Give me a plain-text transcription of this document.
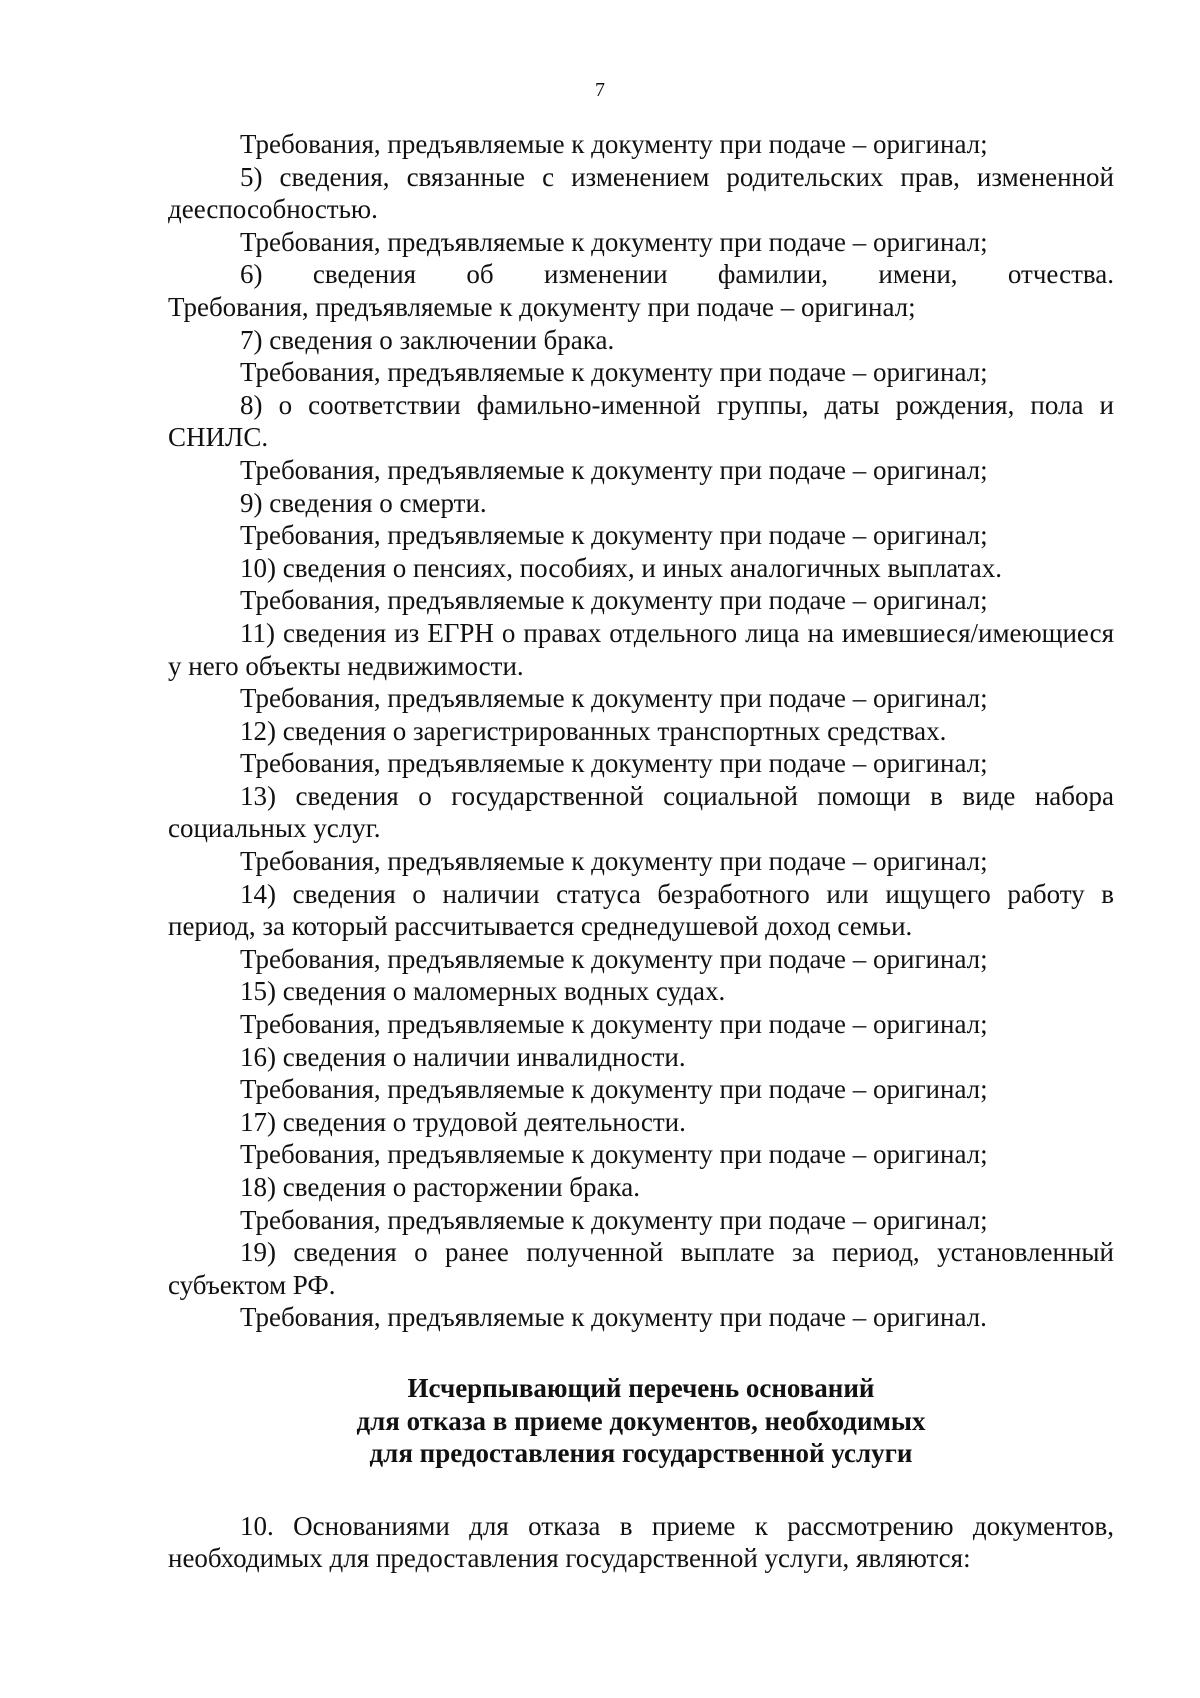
7

Требования, предъявляемые к документу при подаче – оригинал;

5) сведения, связанные с изменением родительских прав, измененной дееспособностью.

Требования, предъявляемые к документу при подаче – оригинал;

6) сведения об изменении фамилии, имени, отчества.

Требования, предъявляемые к документу при подаче – оригинал;

7) сведения о заключении брака.

Требования, предъявляемые к документу при подаче – оригинал;

8) о соответствии фамильно-именной группы, даты рождения, пола и СНИЛС.

Требования, предъявляемые к документу при подаче – оригинал;

9) сведения о смерти.

Требования, предъявляемые к документу при подаче – оригинал;

10) сведения о пенсиях, пособиях, и иных аналогичных выплатах.

Требования, предъявляемые к документу при подаче – оригинал;

11) сведения из ЕГРН о правах отдельного лица на имевшиеся/имеющиеся у него объекты недвижимости.

Требования, предъявляемые к документу при подаче – оригинал;

12) сведения о зарегистрированных транспортных средствах.

Требования, предъявляемые к документу при подаче – оригинал;

13) сведения о государственной социальной помощи в виде набора социальных услуг.

Требования, предъявляемые к документу при подаче – оригинал;

14) сведения о наличии статуса безработного или ищущего работу в период, за который рассчитывается среднедушевой доход семьи.

Требования, предъявляемые к документу при подаче – оригинал;

15) сведения о маломерных водных судах.

Требования, предъявляемые к документу при подаче – оригинал;

16) сведения о наличии инвалидности.

Требования, предъявляемые к документу при подаче – оригинал;

17) сведения о трудовой деятельности.

Требования, предъявляемые к документу при подаче – оригинал;

18) сведения о расторжении брака.

Требования, предъявляемые к документу при подаче – оригинал;

19) сведения о ранее полученной выплате за период, установленный субъектом РФ.

Требования, предъявляемые к документу при подаче – оригинал.

Исчерпывающий перечень оснований
для отказа в приеме документов, необходимых
для предоставления государственной услуги

10. Основаниями для отказа в приеме к рассмотрению документов, необходимых для предоставления государственной услуги, являются:
